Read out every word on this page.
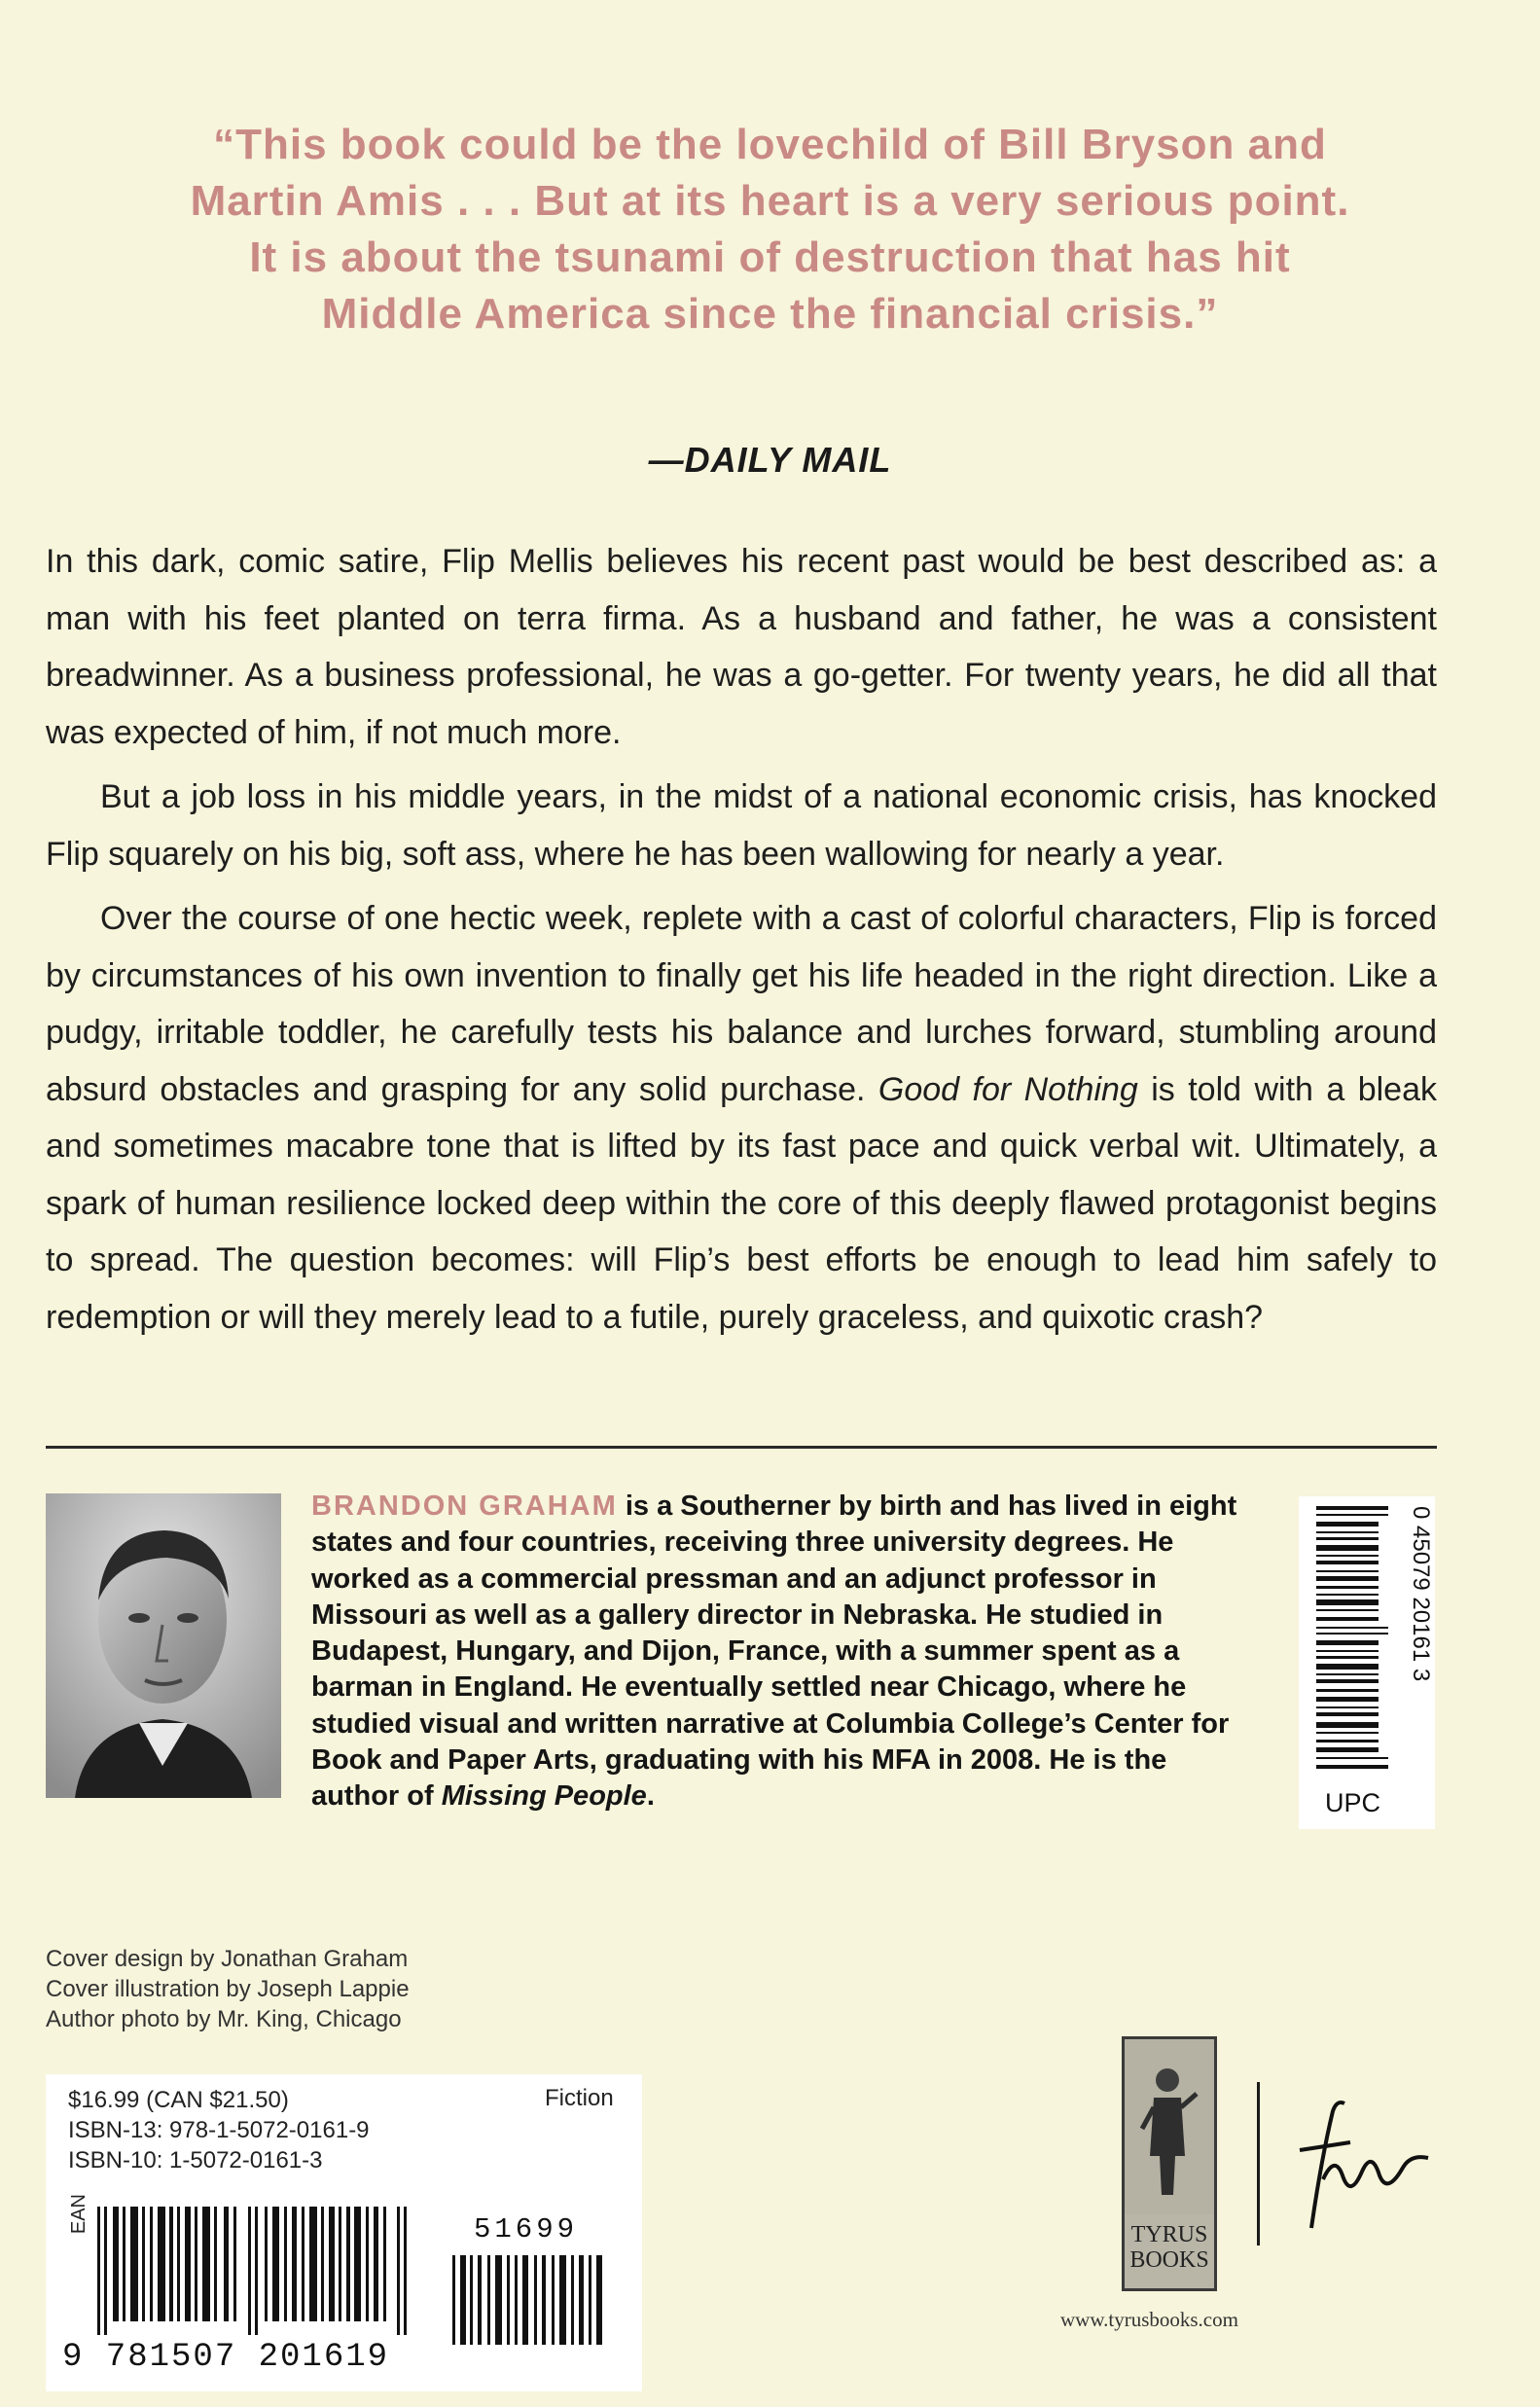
“This book could be the lovechild of Bill Bryson and
Martin Amis . . . But at its heart is a very serious point.
It is about the tsunami of destruction that has hit
Middle America since the financial crisis.”
—DAILY MAIL

In this dark, comic satire, Flip Mellis believes his recent past would be best described as: a man with his feet planted on terra firma. As a husband and father, he was a consistent breadwinner. As a business professional, he was a go-getter. For twenty years, he did all that was expected of him, if not much more.

But a job loss in his middle years, in the midst of a national economic crisis, has knocked Flip squarely on his big, soft ass, where he has been wallowing for nearly a year.

Over the course of one hectic week, replete with a cast of colorful characters, Flip is forced by circumstances of his own invention to finally get his life headed in the right direction. Like a pudgy, irritable toddler, he carefully tests his balance and lurches forward, stumbling around absurd obstacles and grasping for any solid purchase. Good for Nothing is told with a bleak and sometimes macabre tone that is lifted by its fast pace and quick verbal wit. Ultimately, a spark of human resilience locked deep within the core of this deeply flawed protagonist begins to spread. The question becomes: will Flip’s best efforts be enough to lead him safely to redemption or will they merely lead to a futile, purely graceless, and quixotic crash?

BRANDON GRAHAM is a Southerner by birth and has lived in eight states and four countries, receiving three university degrees. He worked as a commercial pressman and an adjunct professor in Missouri as well as a gallery director in Nebraska. He studied in Budapest, Hungary, and Dijon, France, with a summer spent as a barman in England. He eventually settled near Chicago, where he studied visual and written narrative at Columbia College’s Center for Book and Paper Arts, graduating with his MFA in 2008. He is the author of Missing People.
0 45079 20161 3
UPC
Cover design by Jonathan Graham
Cover illustration by Joseph Lappie
Author photo by Mr. King, Chicago
$16.99 (CAN $21.50)
ISBN-13: 978-1-5072-0161-9
ISBN-10: 1-5072-0161-3
Fiction
EAN
9 781507 201619
51699	TYRUS
BOOKS
www.tyrusbooks.com
